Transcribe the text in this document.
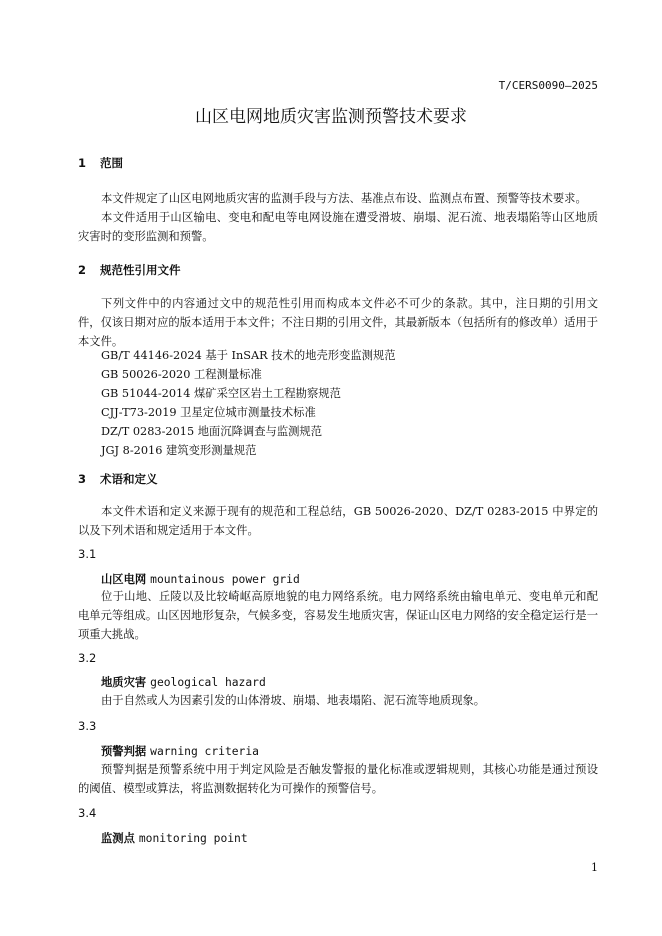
T/CERS0090—2025
山区电网地质灾害监测预警技术要求
1 范围
本文件规定了山区电网地质灾害的监测手段与方法、基准点布设、监测点布置、预警等技术要求。
本文件适用于山区输电、变电和配电等电网设施在遭受滑坡、崩塌、泥石流、地表塌陷等山区地质灾害时的变形监测和预警。
2 规范性引用文件
下列文件中的内容通过文中的规范性引用而构成本文件必不可少的条款。其中，注日期的引用文件，仅该日期对应的版本适用于本文件；不注日期的引用文件，其最新版本（包括所有的修改单）适用于本文件。
GB/T 44146-2024 基于 InSAR 技术的地壳形变监测规范
GB 50026-2020 工程测量标准
GB 51044-2014 煤矿采空区岩土工程勘察规范
CJJ-T73-2019 卫星定位城市测量技术标准
DZ/T 0283-2015 地面沉降调查与监测规范
JGJ 8-2016 建筑变形测量规范
3 术语和定义
本文件术语和定义来源于现有的规范和工程总结，GB 50026-2020、DZ/T 0283-2015 中界定的以及下列术语和规定适用于本文件。
3.1
山区电网 mountainous power grid
位于山地、丘陵以及比较崎岖高原地貌的电力网络系统。电力网络系统由输电单元、变电单元和配电单元等组成。山区因地形复杂，气候多变，容易发生地质灾害，保证山区电力网络的安全稳定运行是一项重大挑战。
3.2
地质灾害 geological hazard
由于自然或人为因素引发的山体滑坡、崩塌、地表塌陷、泥石流等地质现象。
3.3
预警判据 warning criteria
预警判据是预警系统中用于判定风险是否触发警报的量化标准或逻辑规则，其核心功能是通过预设的阈值、模型或算法，将监测数据转化为可操作的预警信号。
3.4
监测点 monitoring point
1
